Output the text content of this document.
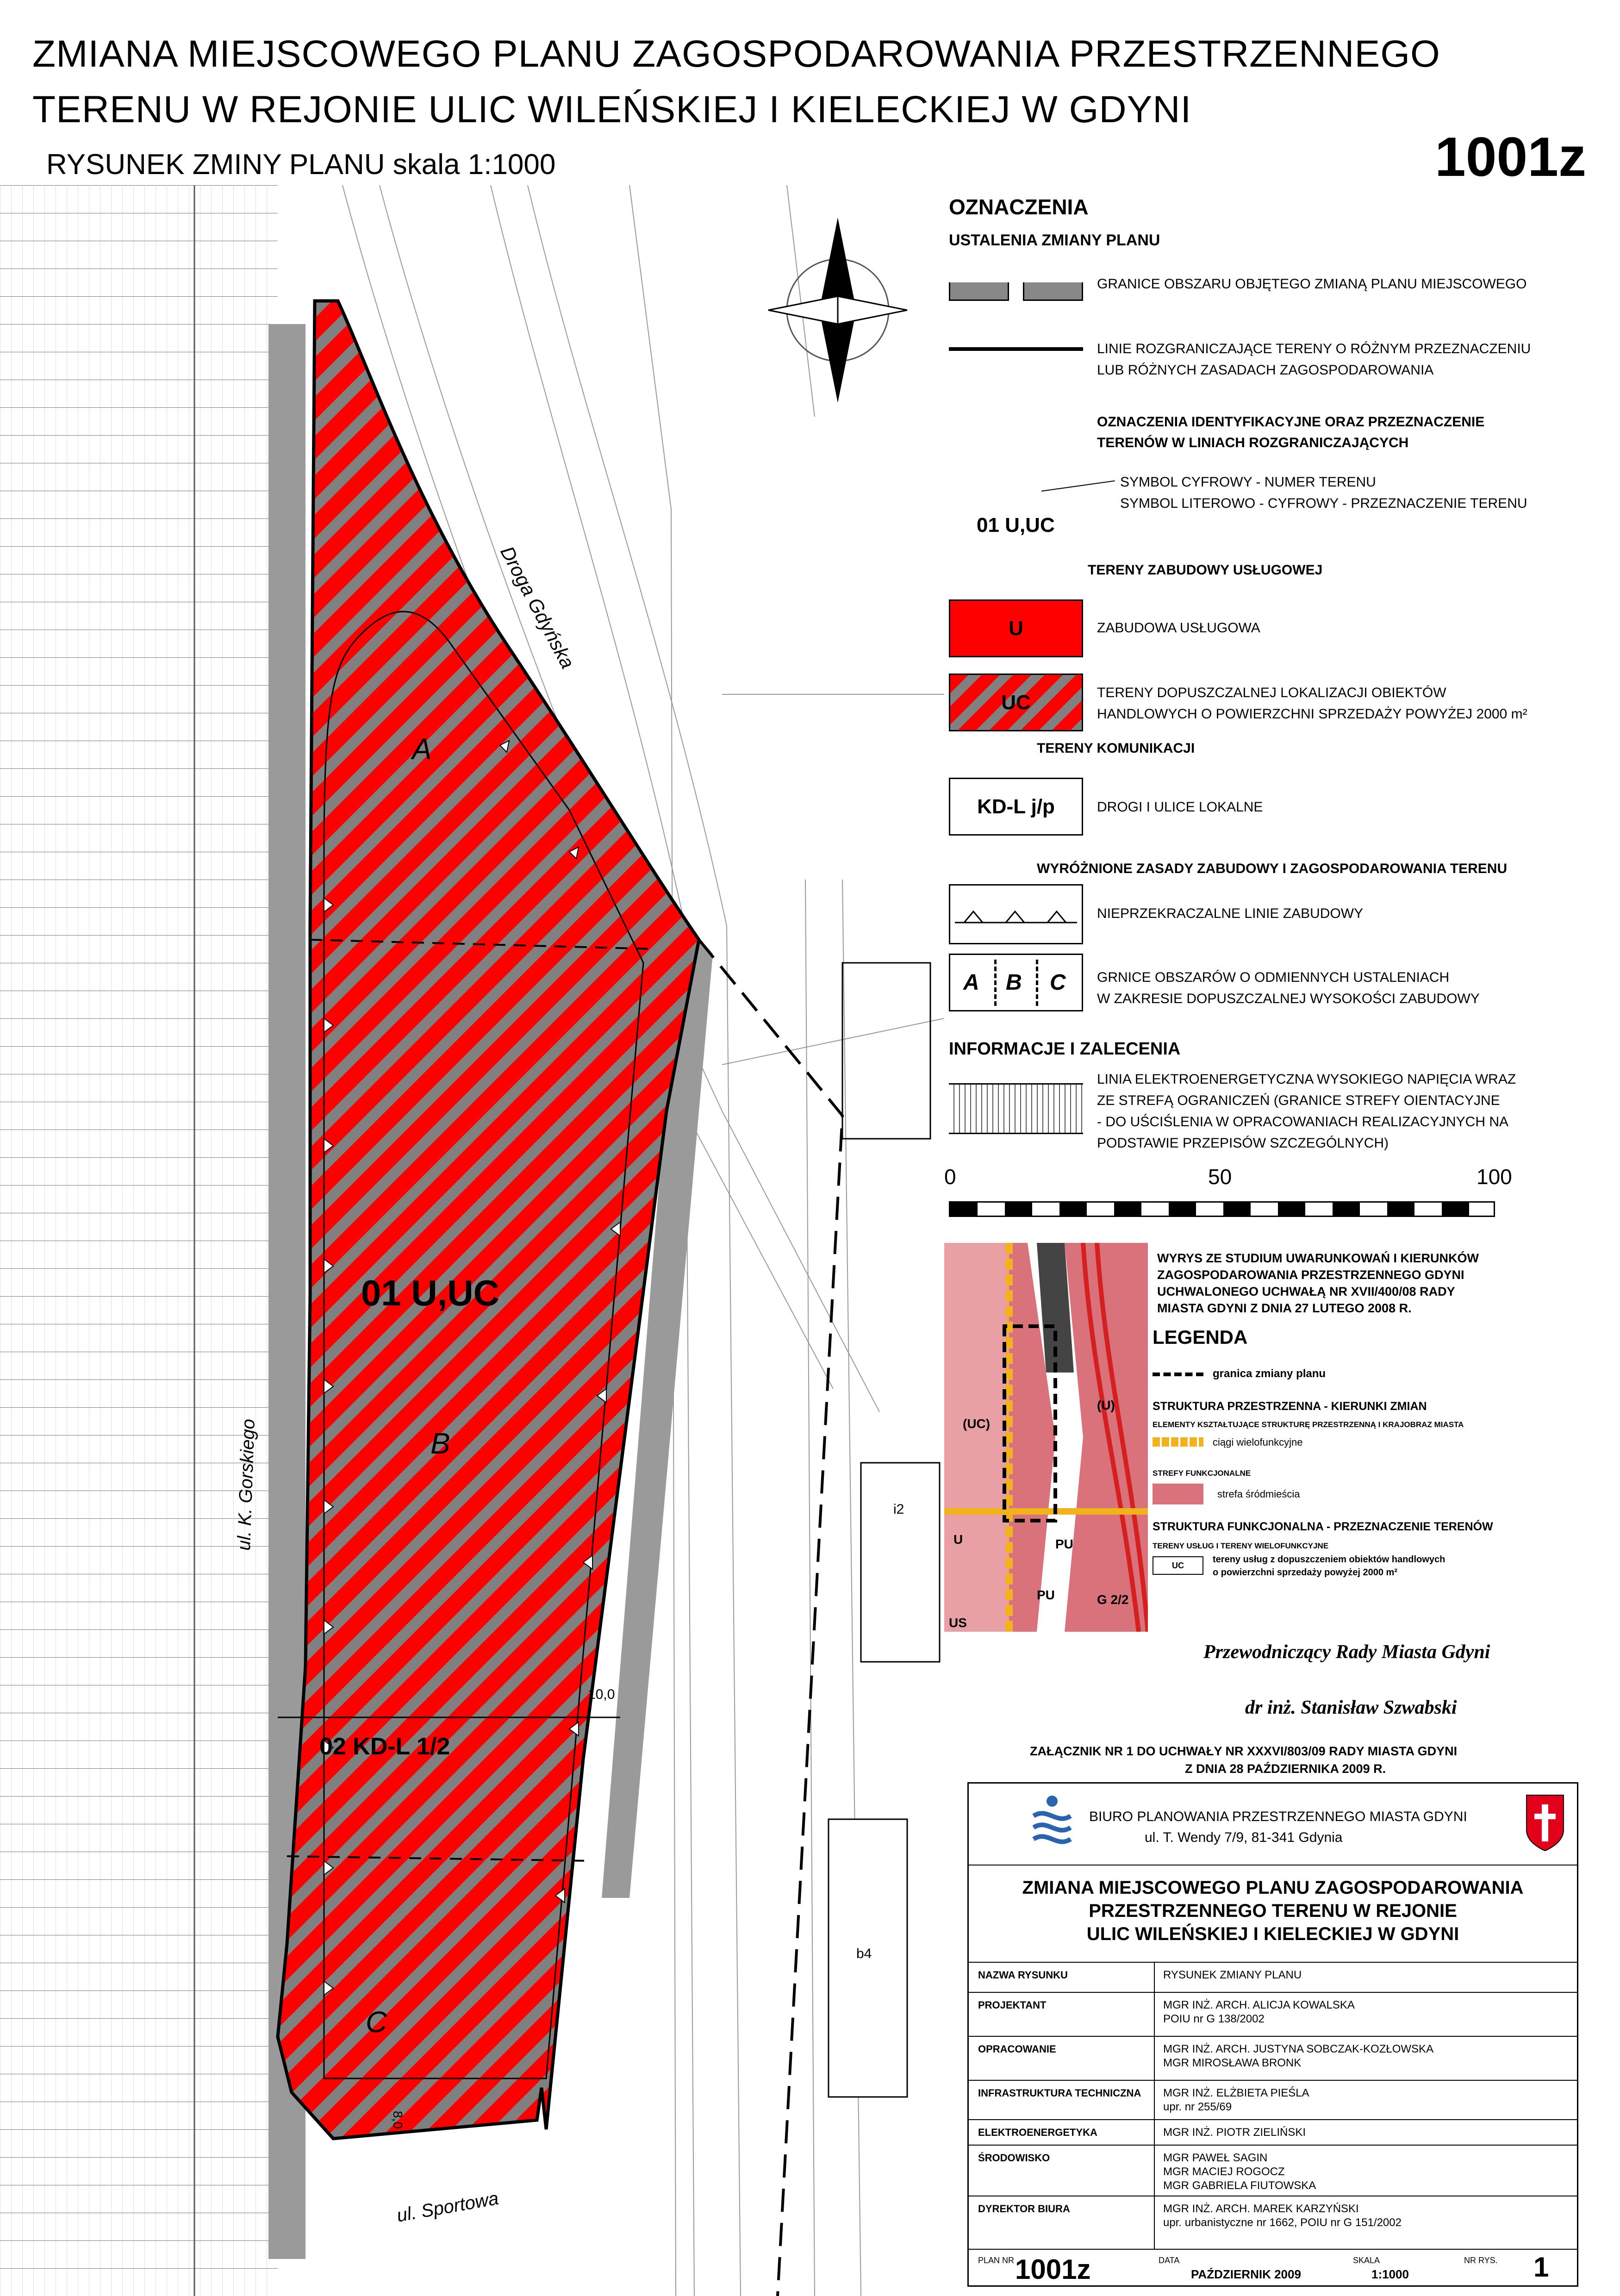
ZMIANA MIEJSCOWEGO PLANU ZAGOSPODAROWANIA PRZESTRZENNEGO
TERENU W REJONIE ULIC WILEŃSKIEJ I KIELECKIEJ W GDYNI
RYSUNEK ZMINY PLANU skala 1:1000	1001z
01 U,UC
02 KD-L 1/2
A
B
C
Droga Gdyńska
ul. K. Gorskiego
ul. Sportowa
10,0
8,0
b4
i2
OZNACZENIA
USTALENIA ZMIANY PLANU
GRANICE OBSZARU OBJĘTEGO ZMIANĄ PLANU MIEJSCOWEGO
LINIE ROZGRANICZAJĄCE TERENY O RÓŻNYM PRZEZNACZENIU
LUB RÓŻNYCH ZASADACH ZAGOSPODAROWANIA
OZNACZENIA IDENTYFIKACYJNE ORAZ PRZEZNACZENIE
TERENÓW W LINIACH ROZGRANICZAJĄCYCH
SYMBOL CYFROWY - NUMER TERENU
SYMBOL LITEROWO - CYFROWY - PRZEZNACZENIE TERENU
01 U,UC
TERENY ZABUDOWY USŁUGOWEJ
U	ZABUDOWA USŁUGOWA
UC	TERENY DOPUSZCZALNEJ LOKALIZACJI OBIEKTÓW
HANDLOWYCH O POWIERZCHNI SPRZEDAŻY POWYŻEJ 2000 m²
TERENY KOMUNIKACJI
KD-L j/p	DROGI I ULICE LOKALNE
WYRÓŻNIONE ZASADY ZABUDOWY I ZAGOSPODAROWANIA TERENU
NIEPRZEKRACZALNE LINIE ZABUDOWY
A B C GRNICE OBSZARÓW O ODMIENNYCH USTALENIACH
W ZAKRESIE DOPUSZCZALNEJ WYSOKOŚCI ZABUDOWY
INFORMACJE I ZALECENIA
LINIA ELEKTROENERGETYCZNA WYSOKIEGO NAPIĘCIA WRAZ
ZE STREFĄ OGRANICZEŃ (GRANICE STREFY OIENTACYJNE
- DO UŚCIŚLENIA W OPRACOWANIACH REALIZACYJNYCH NA
PODSTAWIE PRZEPISÓW SZCZEGÓLNYCH)
0	50	100
(UC)
(U)
PU
PU	G 2/2
US
U
WYRYS ZE STUDIUM UWARUNKOWAŃ I KIERUNKÓW
ZAGOSPODAROWANIA PRZESTRZENNEGO GDYNI
UCHWALONEGO UCHWAŁĄ NR XVII/400/08 RADY
MIASTA GDYNI Z DNIA 27 LUTEGO 2008 R.
LEGENDA
granica zmiany planu
STRUKTURA PRZESTRZENNA - KIERUNKI ZMIAN
ELEMENTY KSZTAŁTUJĄCE STRUKTURĘ PRZESTRZENNĄ I KRAJOBRAZ MIASTA
ciągi wielofunkcyjne
STREFY FUNKCJONALNE
strefa śródmieścia
STRUKTURA FUNKCJONALNA - PRZEZNACZENIE TERENÓW
TERENY USŁUG I TERENY WIELOFUNKCYJNE
UC
tereny usług z dopuszczeniem obiektów handlowych
o powierzchni sprzedaży powyżej 2000 m²
Przewodniczący Rady Miasta Gdyni
dr inż. Stanisław Szwabski
ZAŁĄCZNIK NR 1 DO UCHWAŁY NR XXXVI/803/09 RADY MIASTA GDYNI
Z DNIA 28 PAŹDZIERNIKA 2009 R.
BIURO PLANOWANIA PRZESTRZENNEGO MIASTA GDYNI
ul. T. Wendy 7/9, 81-341 Gdynia
ZMIANA MIEJSCOWEGO PLANU ZAGOSPODAROWANIA
PRZESTRZENNEGO TERENU W REJONIE
ULIC WILEŃSKIEJ I KIELECKIEJ W GDYNI
NAZWA RYSUNKU	RYSUNEK ZMIANY PLANU
PROJEKTANT	MGR INŻ. ARCH. ALICJA KOWALSKA
POIU nr G 138/2002
OPRACOWANIE	MGR INŻ. ARCH. JUSTYNA SOBCZAK-KOZŁOWSKA
MGR MIROSŁAWA BRONK
INFRASTRUKTURA TECHNICZNA	MGR INŻ. ELŻBIETA PIEŚLA
upr. nr 255/69
ELEKTROENERGETYKA	MGR INŻ. PIOTR ZIELIŃSKI
ŚRODOWISKO	MGR PAWEŁ SAGIN
MGR MACIEJ ROGOCZ
MGR GABRIELA FIUTOWSKA
DYREKTOR BIURA	MGR INŻ. ARCH. MAREK KARZYŃSKI
upr. urbanistyczne nr 1662, POIU nr G 151/2002
PLAN NR 1001z	DATA
PAŹDZIERNIK 2009
SKALA
1:1000
NR RYS. 1
